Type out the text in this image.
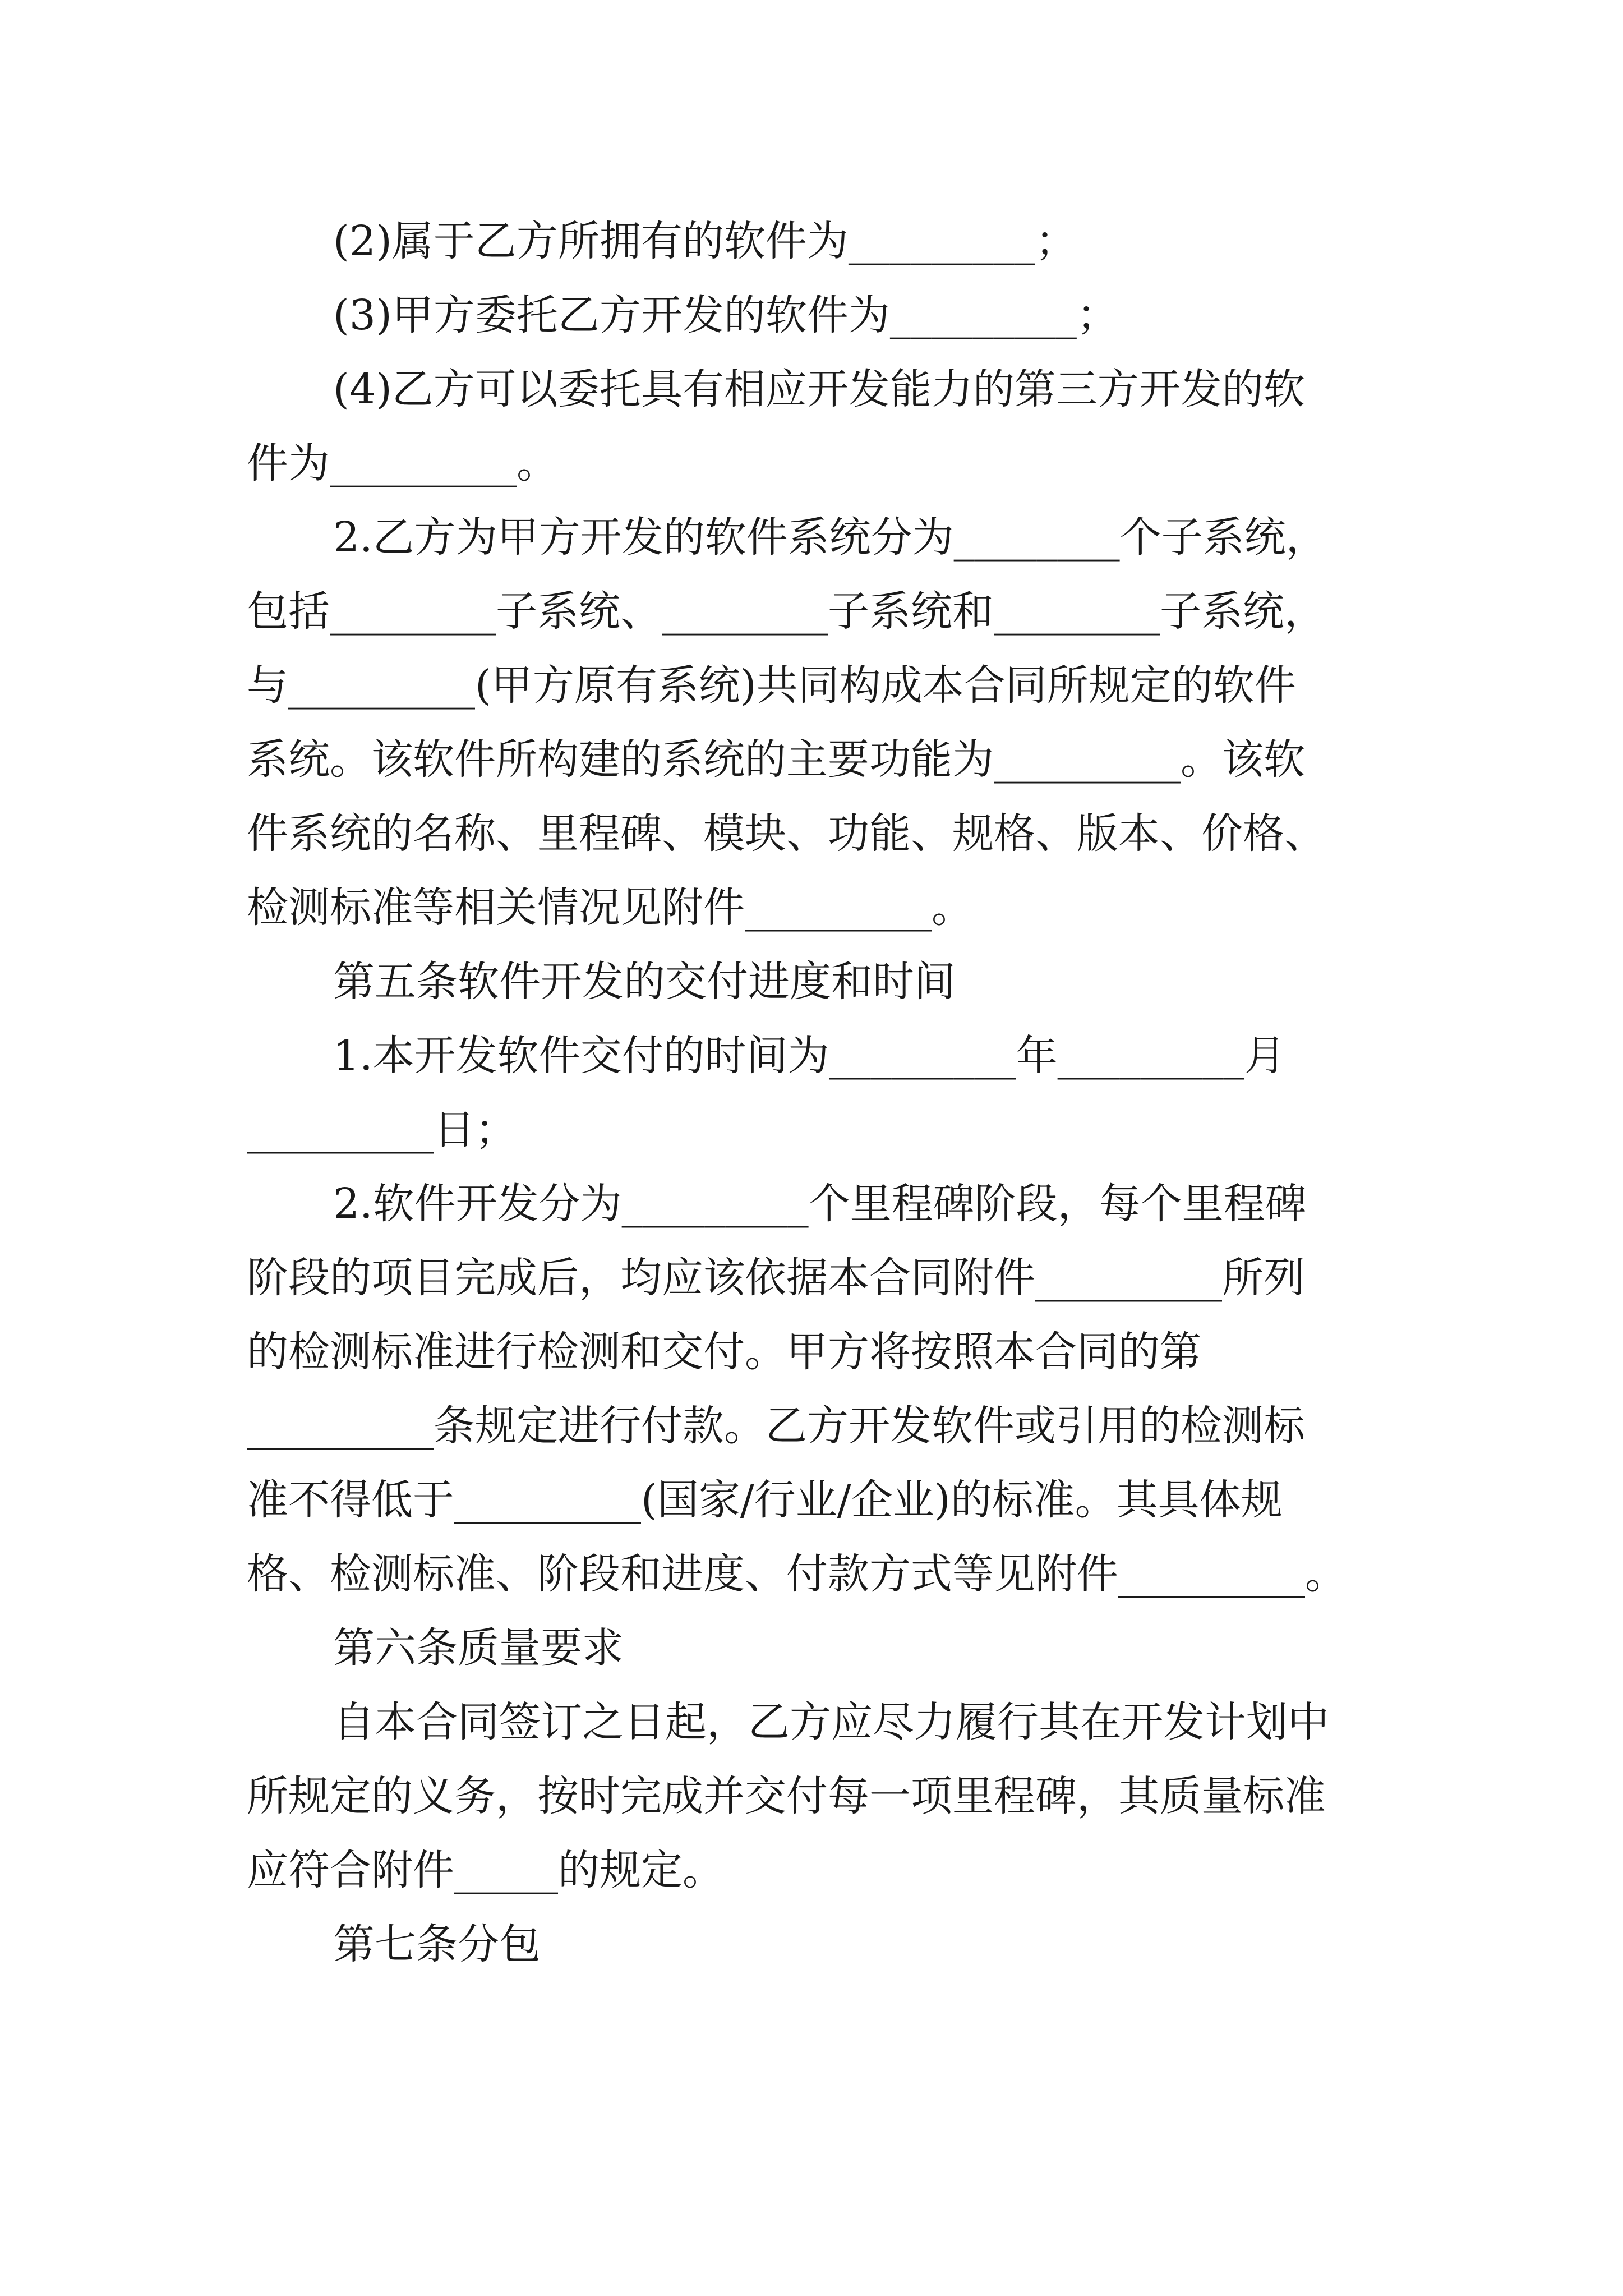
(2)属于乙方所拥有的软件为_________；

(3)甲方委托乙方开发的软件为_________；

(4)乙方可以委托具有相应开发能力的第三方开发的软

件为_________。

2.乙方为甲方开发的软件系统分为________个子系统，

包括________子系统、________子系统和________子系统，

与_________(甲方原有系统)共同构成本合同所规定的软件

系统。该软件所构建的系统的主要功能为_________。该软

件系统的名称、里程碑、模块、功能、规格、版本、价格、

检测标准等相关情况见附件_________。

第五条软件开发的交付进度和时间

1.本开发软件交付的时间为_________年_________月

_________日；

2.软件开发分为_________个里程碑阶段，每个里程碑

阶段的项目完成后，均应该依据本合同附件_________所列

的检测标准进行检测和交付。甲方将按照本合同的第

_________条规定进行付款。乙方开发软件或引用的检测标

准不得低于_________(国家/行业/企业)的标准。其具体规

格、检测标准、阶段和进度、付款方式等见附件_________。

第六条质量要求

自本合同签订之日起，乙方应尽力履行其在开发计划中

所规定的义务，按时完成并交付每一项里程碑，其质量标准

应符合附件_____的规定。

第七条分包
